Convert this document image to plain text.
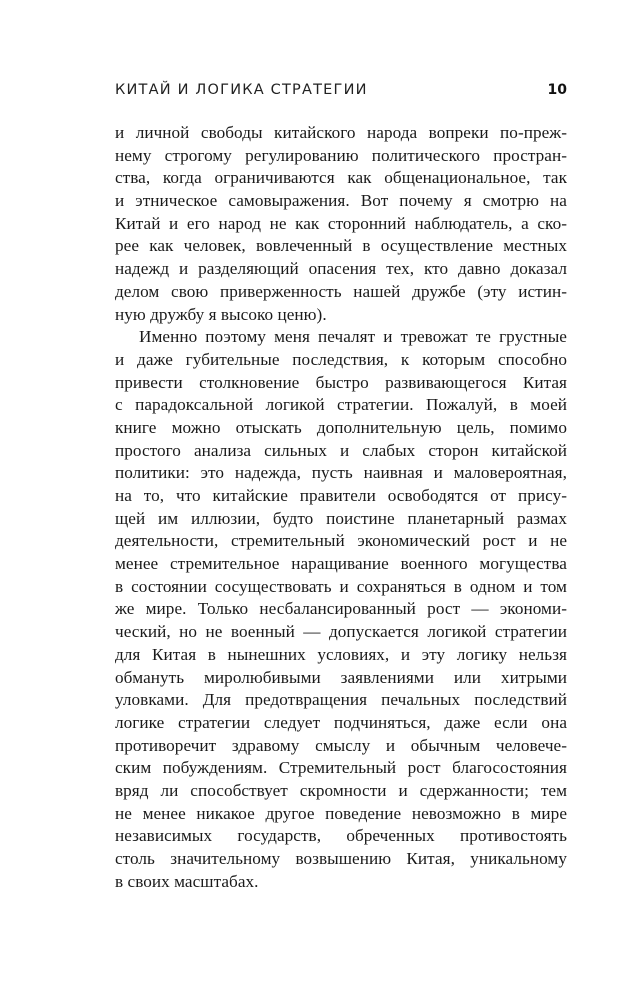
КИТАЙ И ЛОГИКА СТРАТЕГИИ	10
и личной свободы китайского народа вопреки по-преж-
нему строгому регулированию политического простран-
ства, когда ограничиваются как общенациональное, так
и этническое самовыражения. Вот почему я смотрю на
Китай и его народ не как сторонний наблюдатель, а ско-
рее как человек, вовлеченный в осуществление местных
надежд и разделяющий опасения тех, кто давно доказал
делом свою приверженность нашей дружбе (эту истин-
ную дружбу я высоко ценю).
Именно поэтому меня печалят и тревожат те грустные
и даже губительные последствия, к которым способно
привести столкновение быстро развивающегося Китая
с парадоксальной логикой стратегии. Пожалуй, в моей
книге можно отыскать дополнительную цель, помимо
простого анализа сильных и слабых сторон китайской
политики: это надежда, пусть наивная и маловероятная,
на то, что китайские правители освободятся от прису-
щей им иллюзии, будто поистине планетарный размах
деятельности, стремительный экономический рост и не
менее стремительное наращивание военного могущества
в состоянии сосуществовать и сохраняться в одном и том
же мире. Только несбалансированный рост — экономи-
ческий, но не военный — допускается логикой стратегии
для Китая в нынешних условиях, и эту логику нельзя
обмануть миролюбивыми заявлениями или хитрыми
уловками. Для предотвращения печальных последствий
логике стратегии следует подчиняться, даже если она
противоречит здравому смыслу и обычным человече-
ским побуждениям. Стремительный рост благосостояния
вряд ли способствует скромности и сдержанности; тем
не менее никакое другое поведение невозможно в мире
независимых государств, обреченных противостоять
столь значительному возвышению Китая, уникальному
в своих масштабах.
